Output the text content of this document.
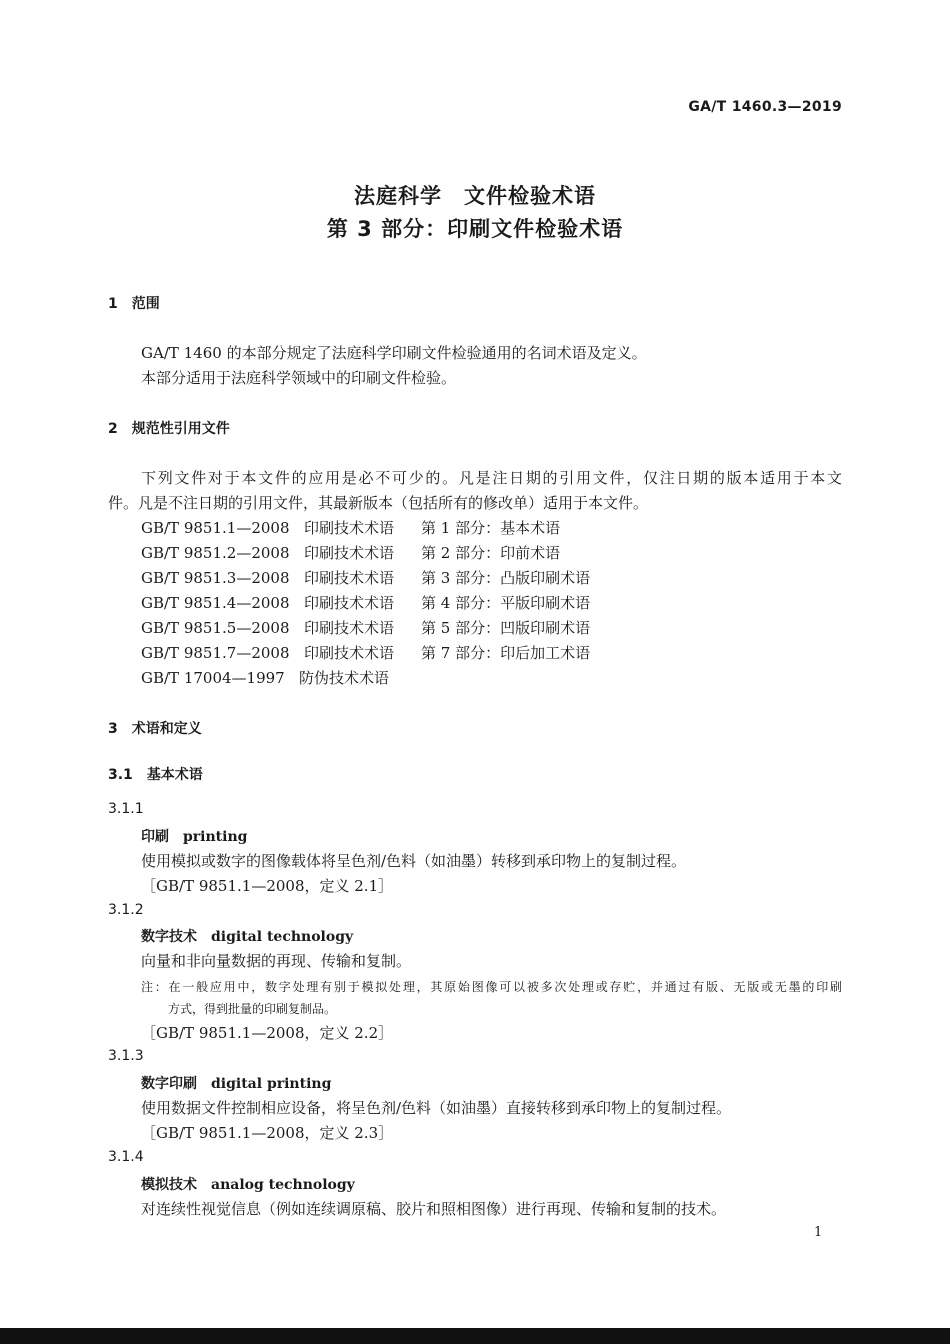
GA/T 1460.3—2019
法庭科学　文件检验术语
第 3 部分：印刷文件检验术语
1　范围
GA/T 1460 的本部分规定了法庭科学印刷文件检验通用的名词术语及定义。
本部分适用于法庭科学领域中的印刷文件检验。
2　规范性引用文件
下列文件对于本文件的应用是必不可少的。凡是注日期的引用文件，仅注日期的版本适用于本文
件。凡是不注日期的引用文件，其最新版本（包括所有的修改单）适用于本文件。
GB/T 9851.1—2008 印刷技术术语 第 1 部分：基本术语
GB/T 9851.2—2008 印刷技术术语 第 2 部分：印前术语
GB/T 9851.3—2008 印刷技术术语 第 3 部分：凸版印刷术语
GB/T 9851.4—2008 印刷技术术语 第 4 部分：平版印刷术语
GB/T 9851.5—2008 印刷技术术语 第 5 部分：凹版印刷术语
GB/T 9851.7—2008 印刷技术术语 第 7 部分：印后加工术语
GB/T 17004—1997 防伪技术术语
3　术语和定义
3.1　基本术语
3.1.1
印刷　 printing
使用模拟或数字的图像载体将呈色剂/色料（如油墨）转移到承印物上的复制过程。
［GB/T 9851.1—2008，定义 2.1］
3.1.2
数字技术　 digital technology
向量和非向量数据的再现、传输和复制。
注：在一般应用中，数字处理有别于模拟处理，其原始图像可以被多次处理或存贮，并通过有版、无版或无墨的印刷
方式，得到批量的印刷复制品。
［GB/T 9851.1—2008，定义 2.2］
3.1.3
数字印刷　 digital printing
使用数据文件控制相应设备，将呈色剂/色料（如油墨）直接转移到承印物上的复制过程。
［GB/T 9851.1—2008，定义 2.3］
3.1.4
模拟技术　 analog technology
对连续性视觉信息（例如连续调原稿、胶片和照相图像）进行再现、传输和复制的技术。
1
